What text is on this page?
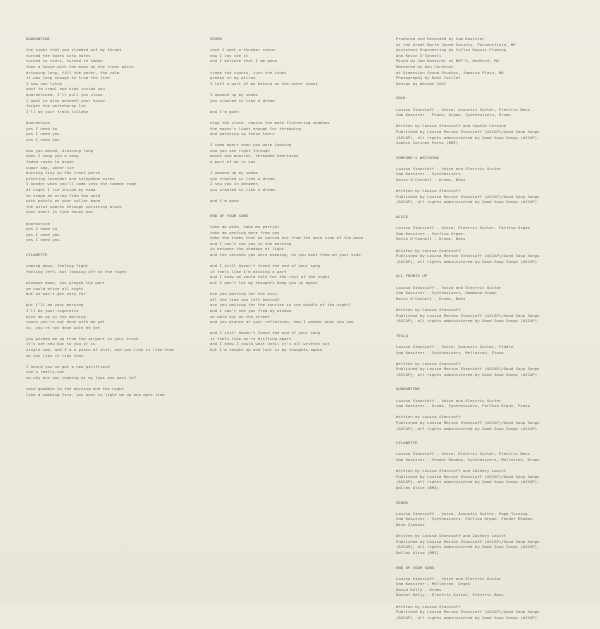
QUARANTINE
the night that you climbed out my throat
turned the knots into notes
turned to stars, turned to smoke
then a house with the moon on the front porch
dripping long, fill the water, the calm
it was long enough to trim the line
I saw you lying
want to crawl and hide inside you
quarantined, I'll pull you close
I want to dive beneath your house
forget the whitehorse lie
I'll be your track lullaby
quarantine
yes I need to
yes I need you
yes I need you
how you moved, draining long
when I sang you a song
faded roses to brown
sugar sap, water sin
burning tiny on the front porch
printing lavender and telephone wires
I wonder when you'll come into the common room
at night I lie inside my head
to shape an arrow from the wold
with petals on your collar bone
the pilot sparks through splitting black
your heart is like honey wax
quarantine
yes I need to
yes I need you
yes I need you
CYLANETTE
coming down, feeling light
feeling left, but looking off to the right
windows down, you played the part
we could drive all night
but we won't get very far
but I'll be your morning
I'll be your cigarette
pick me up in the morning
cause you're not done with me yet
no, you're not done with me yet
you picked me up from the airport in your truck
it's not new but to you it is
single cab, and I'm a piece of shit, and you like it like that
oh you like it like that
I heard you've got a new girlfriend
she's really hot
so why are you looking at my lips you want to?
said goodbye to the morning and the night
like a smoking fire, you want to light me up one more time
SEAMS
said I want a thunder storm
now I can see it
and I believe that I am gone
trade the counts, turn the tides
grease in my pillow
I left a part of me behind on the other coast
I opened up my seams
you crawled in like a dream
and I'm gone
stop the clock, unpick the moth fluttering shadows
the moons's light enough for threading
and patching up these tears
I come apart when you were looking
now you see right through
bones and muscles, threaded heartache
a part of me is you
I opened up my seams
you crawled in like a dream
I sew you in between
you crawled in like a dream
and I'm gone
END OF YOUR SONG
take me wide, take me partial
take me wanting more from you
take the times that we carved out from the dark side of the moon
and I can't see you in the morning
in between the shadows of light
and the seconds you were keeping, oh you kept them on your side
and I still haven't found the end of your song
it feels like I'm missing a part
and I know we could talk for the rest of the night
but I won't let my thoughts keep you up again
are you waiting for the kiss
all the time you left behind?
are you waiting for the sunrise in the middle of the night?
and I can't see you from my window
we walk out on the street
and you glance at your reflection, how I wonder what you see
and I still haven't found the end of your song
it feels like we're drifting apart
and I know I could wait until it's all written out
but I'm caught up and lost in my thoughts again
Produced and Recorded by Sam Kassirer
at the Great North Sound Society, Parsonsfield, ME
Assistant Engineering by Collin Dupuis Fleming
and Kevin O'Connell
Mixed by Sam Kassirer at BRT'S, Bedford, MA
Mastered by Dan Cardinal
at Dimension Sound Studios, Jamaica Plain, MA
Photography by Kate Coillet
Design by Weston Cohl
GOLD
Louisa Stancioff - Voice, Acoustic Guitar, Electric Bass
Sam Kassirer - Piano, Organ, Synthesizers, Drums
Written by Louisa Stancioff and Sophie Corinne
Published by Louisa Marion Stancioff (ASCAP)/Good Soup Songs
(ASCAP), all rights administered by Good Soup Songs (ASCAP),
Sophie Corinne Parks (BMI)
SOMEONE'S WATCHING
Louisa Stancioff - Voice and Electric Guitar
Sam Kassirer - Synthesizers
Kevin O'Connell - Drums, Bass
Written by Louisa Stancioff
Published by Louisa Marion Stancioff (ASCAP)/Good Soup Songs
(ASCAP), all rights administered by Good Soup Songs (ASCAP)
ALICE
Louisa Stancioff - Voice, Electric Guitar, Farfisa Organ
Sam Kassirer - Farfisa Organ
Kevin O'Connell - Drums, Bass
Written by Louisa Stancioff
Published by Louisa Marion Stancioff (ASCAP)/Good Soup Songs
(ASCAP), all rights administered by Good Soup Songs (ASCAP)
ALL FRONTS UP
Louisa Stancioff - Voice and Electric Guitar
Sam Kassirer - Synthesizers, Hammond Organ
Kevin O'Connell - Drums, Bass
Written by Louisa Stancioff
Published by Louisa Marion Stancioff (ASCAP)/Good Soup Songs
(ASCAP), all rights administered by Good Soup Songs (ASCAP)
TESLA
Louisa Stancioff - Voice, Acoustic Guitar, Fiddle
Sam Kassirer - Synthesizers, Mellotron, Piano
Written by Louisa Stancioff
Published by Louisa Marion Stancioff (ASCAP)/Good Soup Songs
(ASCAP), all rights administered by Good Soup Songs (ASCAP)
QUARANTINE
Louisa Stancioff - Voice and Electric Guitar
Sam Kassirer - Drums, Synthesizers, Farfisa Organ, Piano
Written by Louisa Stancioff
Published by Louisa Marion Stancioff (ASCAP)/Good Soup Songs
(ASCAP), all rights administered by Good Soup Songs (ASCAP)
CYLANETTE
Louisa Stancioff - Voice, Electric Guitar, Electric Bass
Sam Kassirer - Fender Rhodes, Synthesizers, Mellotron, Drums
Written by Louisa Stancioff and Zachary Lowitt
Published by Louisa Marion Stancioff (ASCAP)/Good Soup Songs
(ASCAP), all rights administered by Good Soup Songs (ASCAP),
Dallas Alice (BMI)
SEAMS
Louisa Stancioff - Voice, Acoustic Guitar, Page Turning
Sam Kassirer - Synthesizers, Farfisa Organ, Fender Rhodes,
Wine Glasses
Written by Louisa Stancioff and Zachary Lowitt
Published by Louisa Marion Stancioff (ASCAP)/Good Soup Songs
(ASCAP), all rights administered by Good Soup Songs (ASCAP),
Dallas Alice (BMI)
END OF YOUR SONG
Louisa Stancioff - Voice and Electric Guitar
Sam Kassirer - Mellotron, Organ
David Kelly - Drums
Daniel Kelly - Electric Guitar, Electric Bass
Written by Louisa Stancioff
Published by Louisa Marion Stancioff (ASCAP)/Good Soup Songs
(ASCAP), all rights administered by Good Soup Songs (ASCAP)
